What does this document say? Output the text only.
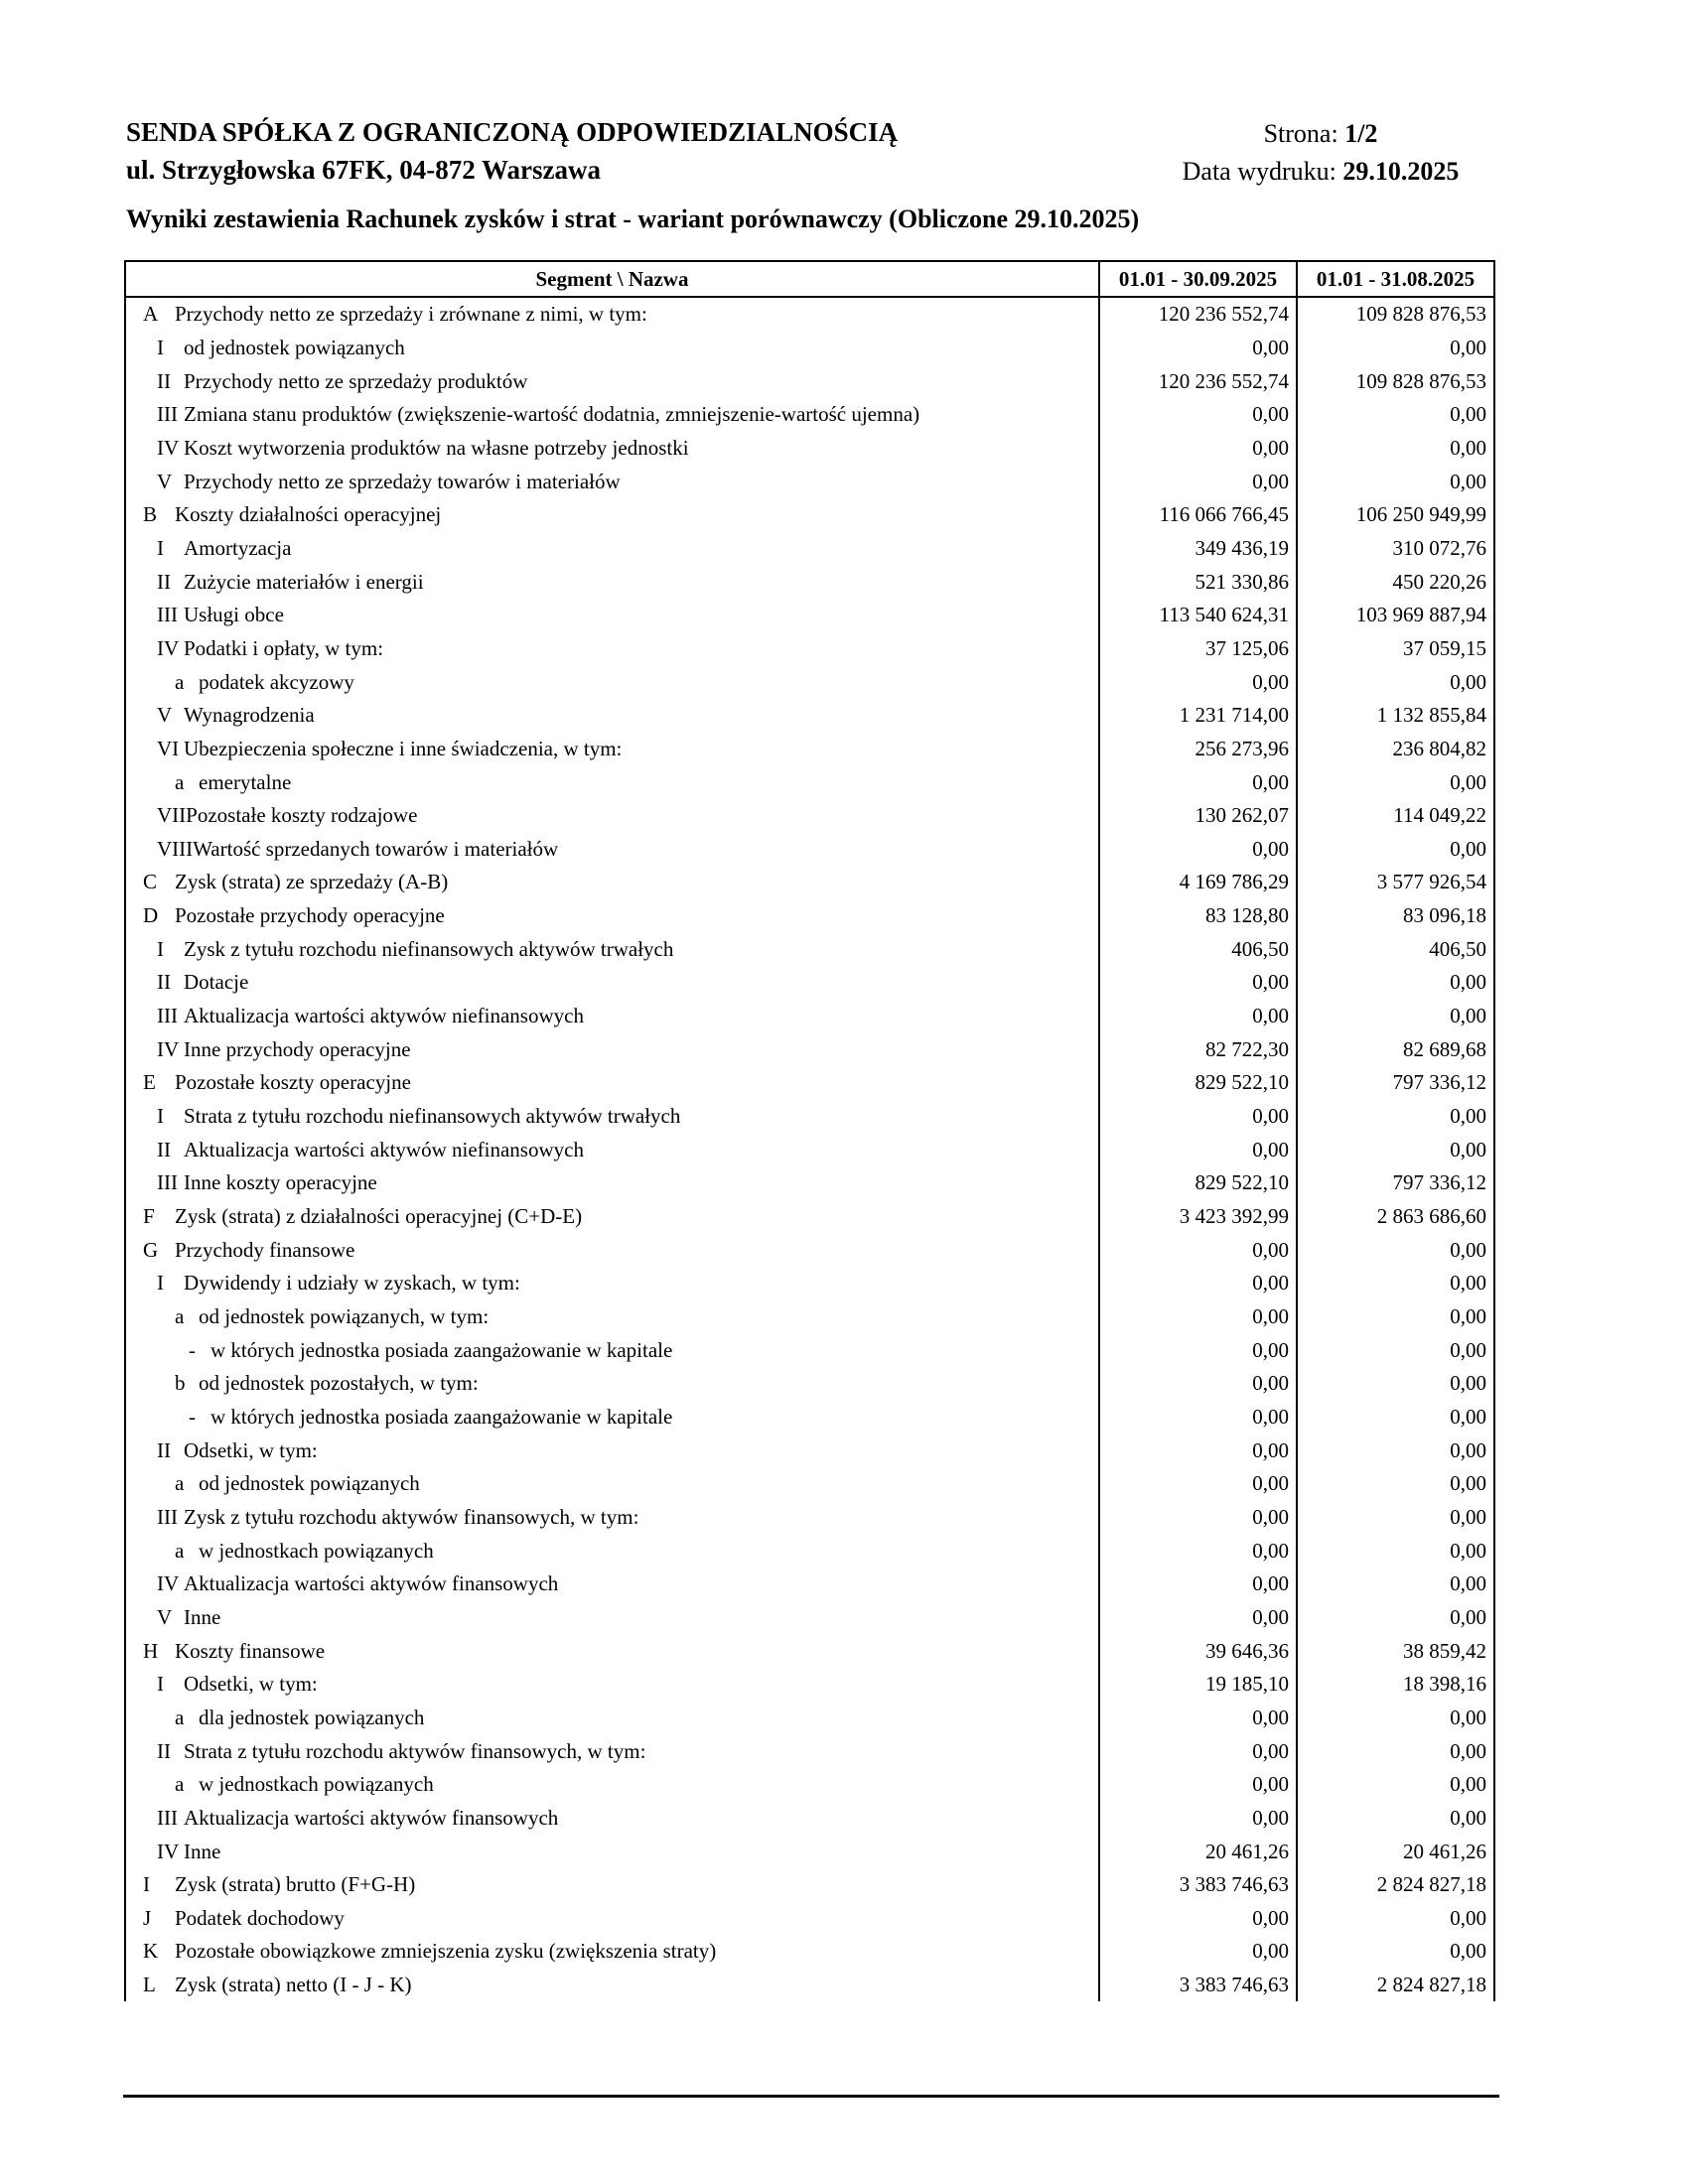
SENDA SPÓŁKA Z OGRANICZONĄ ODPOWIEDZIALNOŚCIĄ
ul. Strzygłowska 67FK, 04-872 Warszawa
Strona: 1/2
Data wydruku: 29.10.2025
Wyniki zestawienia Rachunek zysków i strat - wariant porównawczy (Obliczone 29.10.2025)
Segment \ Nazwa	01.01 - 30.09.2025	01.01 - 31.08.2025
A Przychody netto ze sprzedaży i zrównane z nimi, w tym:	120 236 552,74	109 828 876,53
I od jednostek powiązanych	0,00	0,00
II Przychody netto ze sprzedaży produktów	120 236 552,74	109 828 876,53
III Zmiana stanu produktów (zwiększenie-wartość dodatnia, zmniejszenie-wartość ujemna)	0,00	0,00
IV Koszt wytworzenia produktów na własne potrzeby jednostki	0,00	0,00
V Przychody netto ze sprzedaży towarów i materiałów	0,00	0,00
B Koszty działalności operacyjnej	116 066 766,45	106 250 949,99
I Amortyzacja	349 436,19	310 072,76
II Zużycie materiałów i energii	521 330,86	450 220,26
III Usługi obce	113 540 624,31	103 969 887,94
IV Podatki i opłaty, w tym:	37 125,06	37 059,15
a podatek akcyzowy	0,00	0,00
V Wynagrodzenia	1 231 714,00	1 132 855,84
VI Ubezpieczenia społeczne i inne świadczenia, w tym:	256 273,96	236 804,82
a emerytalne	0,00	0,00
VII Pozostałe koszty rodzajowe	130 262,07	114 049,22
VIII Wartość sprzedanych towarów i materiałów	0,00	0,00
C Zysk (strata) ze sprzedaży (A-B)	4 169 786,29	3 577 926,54
D Pozostałe przychody operacyjne	83 128,80	83 096,18
I Zysk z tytułu rozchodu niefinansowych aktywów trwałych	406,50	406,50
II Dotacje	0,00	0,00
III Aktualizacja wartości aktywów niefinansowych	0,00	0,00
IV Inne przychody operacyjne	82 722,30	82 689,68
E Pozostałe koszty operacyjne	829 522,10	797 336,12
I Strata z tytułu rozchodu niefinansowych aktywów trwałych	0,00	0,00
II Aktualizacja wartości aktywów niefinansowych	0,00	0,00
III Inne koszty operacyjne	829 522,10	797 336,12
F Zysk (strata) z działalności operacyjnej (C+D-E)	3 423 392,99	2 863 686,60
G Przychody finansowe	0,00	0,00
I Dywidendy i udziały w zyskach, w tym:	0,00	0,00
a od jednostek powiązanych, w tym:	0,00	0,00
- w których jednostka posiada zaangażowanie w kapitale	0,00	0,00
b od jednostek pozostałych, w tym:	0,00	0,00
- w których jednostka posiada zaangażowanie w kapitale	0,00	0,00
II Odsetki, w tym:	0,00	0,00
a od jednostek powiązanych	0,00	0,00
III Zysk z tytułu rozchodu aktywów finansowych, w tym:	0,00	0,00
a w jednostkach powiązanych	0,00	0,00
IV Aktualizacja wartości aktywów finansowych	0,00	0,00
V Inne	0,00	0,00
H Koszty finansowe	39 646,36	38 859,42
I Odsetki, w tym:	19 185,10	18 398,16
a dla jednostek powiązanych	0,00	0,00
II Strata z tytułu rozchodu aktywów finansowych, w tym:	0,00	0,00
a w jednostkach powiązanych	0,00	0,00
III Aktualizacja wartości aktywów finansowych	0,00	0,00
IV Inne	20 461,26	20 461,26
I	Zysk (strata) brutto (F+G-H)	3 383 746,63	2 824 827,18
J	Podatek dochodowy	0,00	0,00
K Pozostałe obowiązkowe zmniejszenia zysku (zwiększenia straty)	0,00	0,00
L Zysk (strata) netto (I - J - K)	3 383 746,63	2 824 827,18
